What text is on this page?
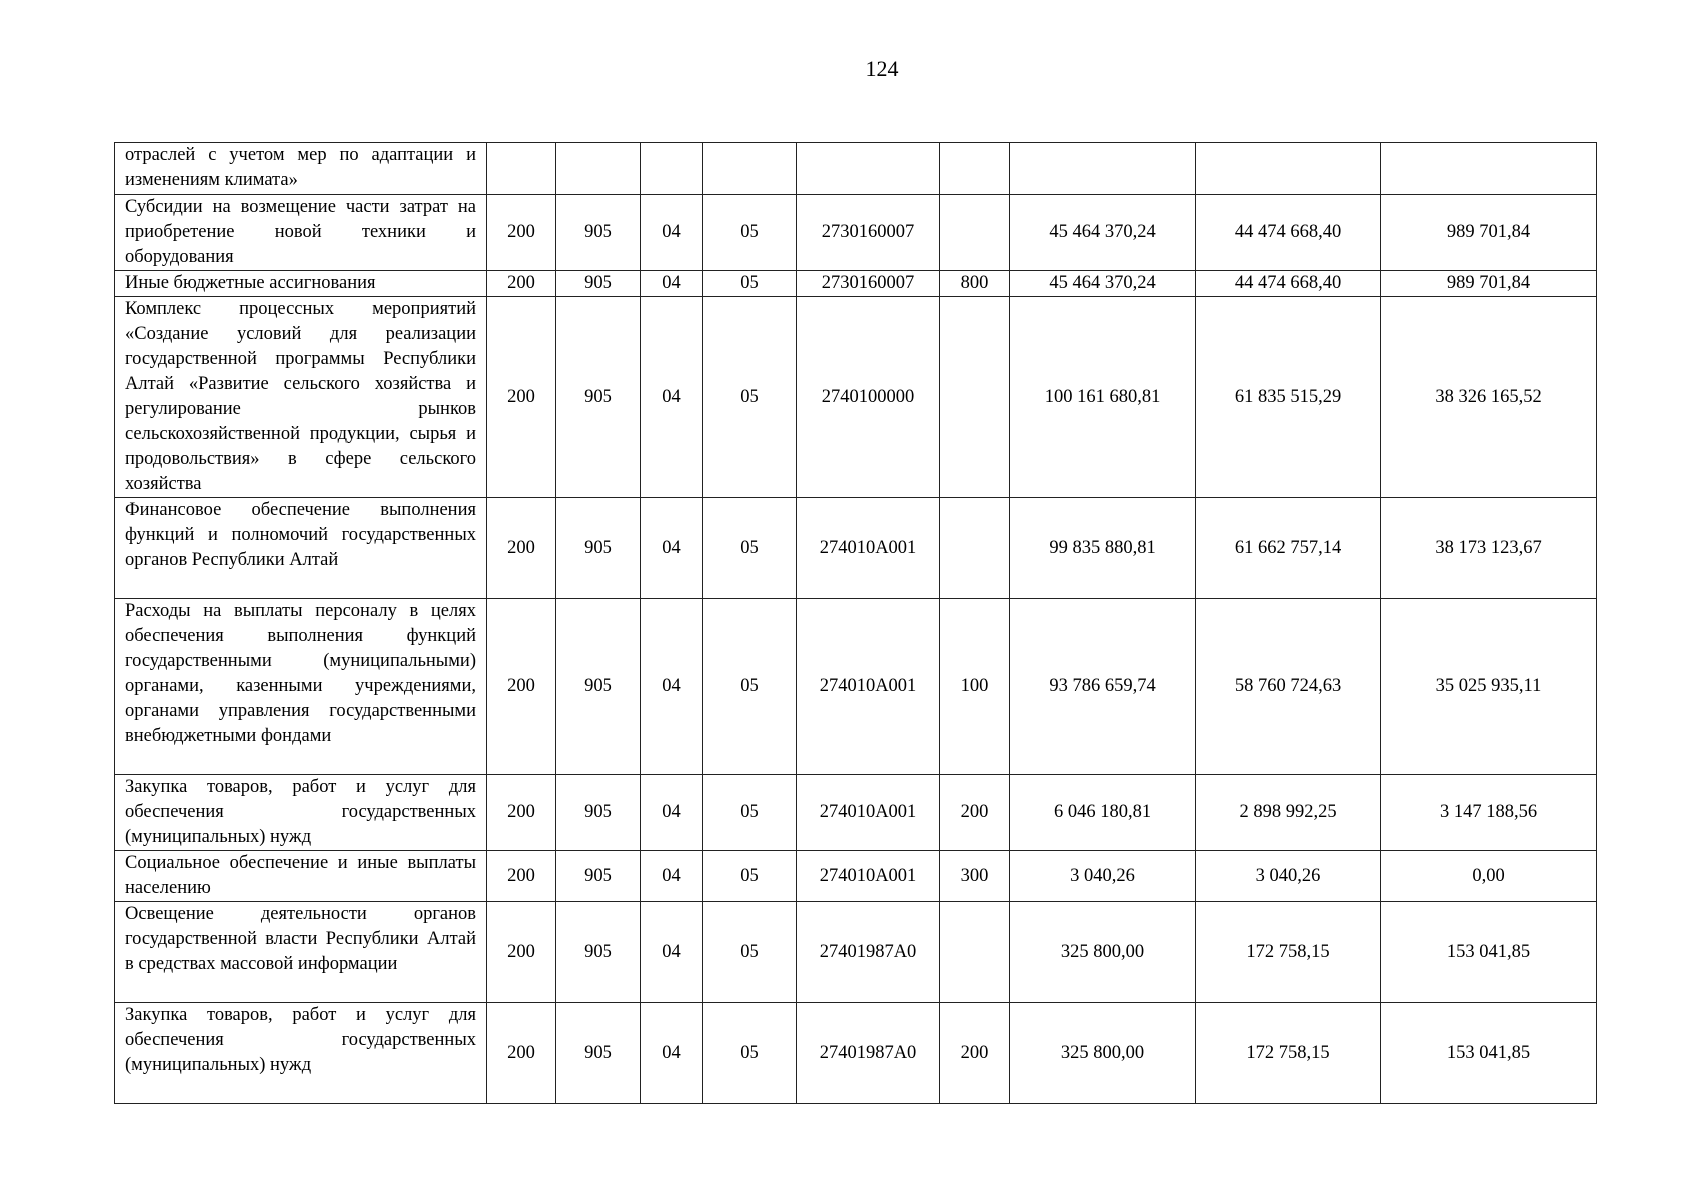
124
отраслей с учетом мер по адаптации и изменениям климата»									
Субсидии на возмещение части затрат на приобретение новой техники и оборудования	200	905	04	05	2730160007		45 464 370,24	44 474 668,40	989 701,84
Иные бюджетные ассигнования	200	905	04	05	2730160007	800	45 464 370,24	44 474 668,40	989 701,84
Комплекс процессных мероприятий «Создание условий для реализации государственной программы Республики Алтай «Развитие сельского хозяйства и регулирование рынков сельскохозяйственной продукции, сырья и продовольствия» в сфере сельского хозяйства	200	905	04	05	2740100000		100 161 680,81	61 835 515,29	38 326 165,52
Финансовое обеспечение выполнения функций и полномочий государственных органов Республики Алтай	200	905	04	05	274010A001		99 835 880,81	61 662 757,14	38 173 123,67
Расходы на выплаты персоналу в целях обеспечения выполнения функций государственными (муниципальными) органами, казенными учреждениями, органами управления государственными внебюджетными фондами	200	905	04	05	274010A001	100	93 786 659,74	58 760 724,63	35 025 935,11
Закупка товаров, работ и услуг для обеспечения государственных (муниципальных) нужд	200	905	04	05	274010A001	200	6 046 180,81	2 898 992,25	3 147 188,56
Социальное обеспечение и иные выплаты населению	200	905	04	05	274010A001	300	3 040,26	3 040,26	0,00
Освещение деятельности органов государственной власти Республики Алтай в средствах массовой информации	200	905	04	05	27401987А0		325 800,00	172 758,15	153 041,85
Закупка товаров, работ и услуг для обеспечения государственных (муниципальных) нужд	200	905	04	05	27401987А0	200	325 800,00	172 758,15	153 041,85
